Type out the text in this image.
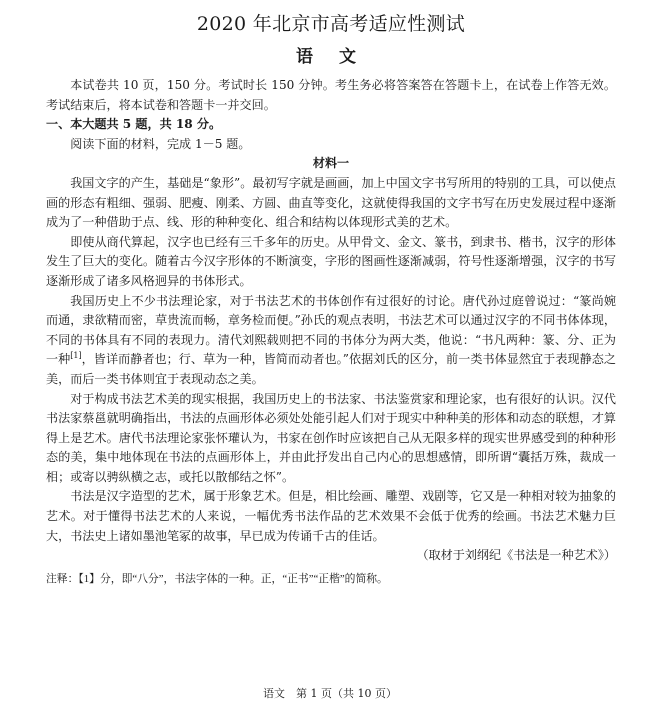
2020 年北京市高考适应性测试
语 文

本试卷共 10 页，150 分。考试时长 150 分钟。考生务必将答案答在答题卡上，在试卷上作答无效。考试结束后，将本试卷和答题卡一并交回。

一、本大题共 5 题，共 18 分。

阅读下面的材料，完成 1－5 题。

材料一

我国文字的产生，基础是“象形”。最初写字就是画画，加上中国文字书写所用的特别的工具，可以使点画的形态有粗细、强弱、肥瘦、刚柔、方圆、曲直等变化，这就使得我国的文字书写在历史发展过程中逐渐成为了一种借助于点、线、形的种种变化、组合和结构以体现形式美的艺术。

即使从商代算起，汉字也已经有三千多年的历史。从甲骨文、金文、篆书，到隶书、楷书，汉字的形体发生了巨大的变化。随着古今汉字形体的不断演变，字形的图画性逐渐减弱，符号性逐渐增强，汉字的书写逐渐形成了诸多风格迥异的书体形式。

我国历史上不少书法理论家，对于书法艺术的书体创作有过很好的讨论。唐代孙过庭曾说过：“篆尚婉而通，隶欲精而密，草贵流而畅，章务检而便。”孙氏的观点表明，书法艺术可以通过汉字的不同书体体现，不同的书体具有不同的表现力。清代刘熙载则把不同的书体分为两大类，他说：“书凡两种：篆、分、正为一种[1]，皆详而静者也；行、草为一种，皆简而动者也。”依据刘氏的区分，前一类书体显然宜于表现静态之美，而后一类书体则宜于表现动态之美。

对于构成书法艺术美的现实根据，我国历史上的书法家、书法鉴赏家和理论家，也有很好的认识。汉代书法家蔡邕就明确指出，书法的点画形体必须处处能引起人们对于现实中种种美的形体和动态的联想，才算得上是艺术。唐代书法理论家张怀瓘认为，书家在创作时应该把自己从无限多样的现实世界感受到的种种形态的美，集中地体现在书法的点画形体上，并由此抒发出自己内心的思想感情，即所谓“囊括万殊，裁成一相；或寄以骋纵横之志，或托以散郁结之怀”。

书法是汉字造型的艺术，属于形象艺术。但是，相比绘画、雕塑、戏剧等，它又是一种相对较为抽象的艺术。对于懂得书法艺术的人来说，一幅优秀书法作品的艺术效果不会低于优秀的绘画。书法艺术魅力巨大，书法史上诸如墨池笔冢的故事，早已成为传诵千古的佳话。

（取材于刘纲纪《书法是一种艺术》）
注释：【1】分，即“八分”，书法字体的一种。正，“正书”“正楷”的简称。
语文　第 1 页（共 10 页）
